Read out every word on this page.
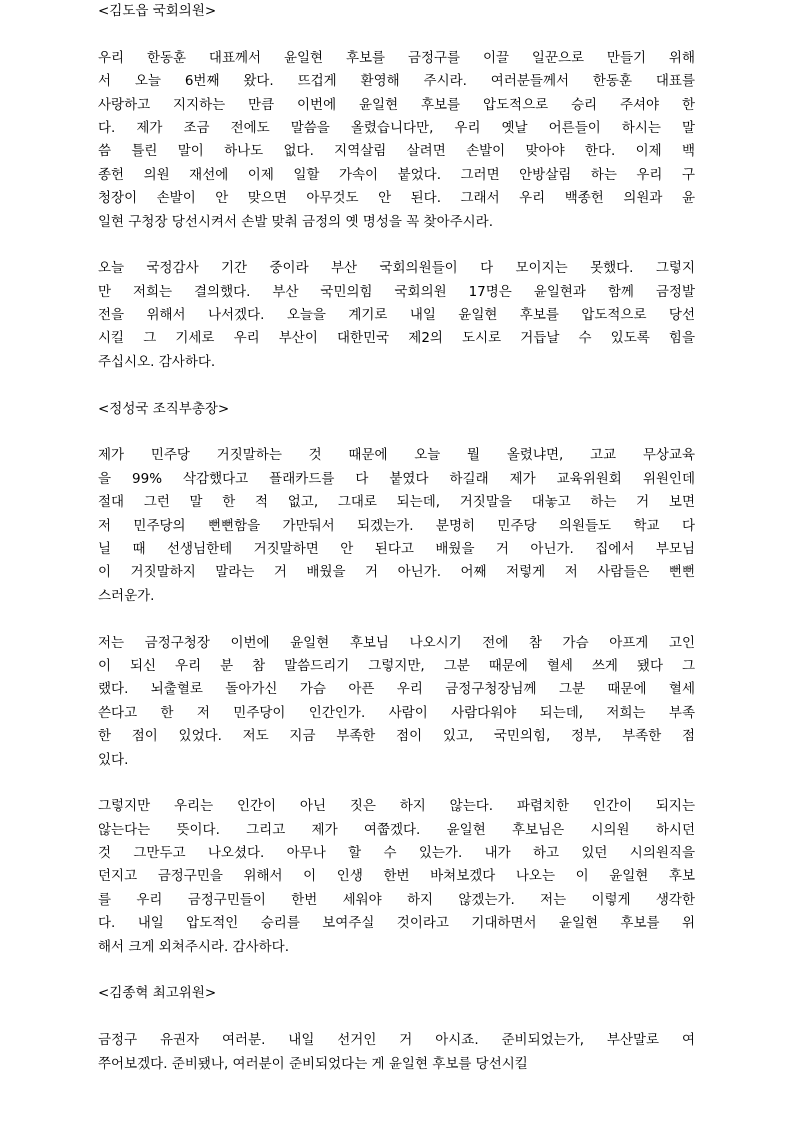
<김도읍 국회의원>
우리 한동훈 대표께서 윤일현 후보를 금정구를 이끌 일꾼으로 만들기 위해
서 오늘 6번째 왔다. 뜨겁게 환영해 주시라. 여러분들께서 한동훈 대표를
사랑하고 지지하는 만큼 이번에 윤일현 후보를 압도적으로 승리 주셔야 한
다. 제가 조금 전에도 말씀을 올렸습니다만, 우리 옛날 어른들이 하시는 말
씀 틀린 말이 하나도 없다. 지역살림 살려면 손발이 맞아야 한다. 이제 백
종헌 의원 재선에 이제 일할 가속이 붙었다. 그러면 안방살림 하는 우리 구
청장이 손발이 안 맞으면 아무것도 안 된다. 그래서 우리 백종헌 의원과 윤
일현 구청장 당선시켜서 손발 맞춰 금정의 옛 명성을 꼭 찾아주시라.
오늘 국정감사 기간 중이라 부산 국회의원들이 다 모이지는 못했다. 그렇지
만 저희는 결의했다. 부산 국민의힘 국회의원 17명은 윤일현과 함께 금정발
전을 위해서 나서겠다. 오늘을 계기로 내일 윤일현 후보를 압도적으로 당선
시킬 그 기세로 우리 부산이 대한민국 제2의 도시로 거듭날 수 있도록 힘을
주십시오. 감사하다.
<정성국 조직부총장>
제가 민주당 거짓말하는 것 때문에 오늘 뭘 올렸냐면, 고교 무상교육
을 99% 삭감했다고 플래카드를 다 붙였다 하길래 제가 교육위원회 위원인데
절대 그런 말 한 적 없고, 그대로 되는데, 거짓말을 대놓고 하는 거 보면
저 민주당의 뻔뻔함을 가만둬서 되겠는가. 분명히 민주당 의원들도 학교 다
닐 때 선생님한테 거짓말하면 안 된다고 배웠을 거 아닌가. 집에서 부모님
이 거짓말하지 말라는 거 배웠을 거 아닌가. 어째 저렇게 저 사람들은 뻔뻔
스러운가.
저는 금정구청장 이번에 윤일현 후보님 나오시기 전에 참 가슴 아프게 고인
이 되신 우리 분 참 말씀드리기 그렇지만, 그분 때문에 혈세 쓰게 됐다 그
랬다. 뇌출혈로 돌아가신 가슴 아픈 우리 금정구청장님께 그분 때문에 혈세
쓴다고 한 저 민주당이 인간인가. 사람이 사람다워야 되는데, 저희는 부족
한 점이 있었다. 저도 지금 부족한 점이 있고, 국민의힘, 정부, 부족한 점
있다.
그렇지만 우리는 인간이 아닌 짓은 하지 않는다. 파렴치한 인간이 되지는
않는다는 뜻이다. 그리고 제가 여쭙겠다. 윤일현 후보님은 시의원 하시던
것 그만두고 나오셨다. 아무나 할 수 있는가. 내가 하고 있던 시의원직을
던지고 금정구민을 위해서 이 인생 한번 바쳐보겠다 나오는 이 윤일현 후보
를 우리 금정구민들이 한번 세워야 하지 않겠는가. 저는 이렇게 생각한
다. 내일 압도적인 승리를 보여주실 것이라고 기대하면서 윤일현 후보를 위
해서 크게 외쳐주시라. 감사하다.
<김종혁 최고위원>
금정구 유권자 여러분. 내일 선거인 거 아시죠. 준비되었는가, 부산말로 여
쭈어보겠다. 준비됐나, 여러분이 준비되었다는 게 윤일현 후보를 당선시킬
